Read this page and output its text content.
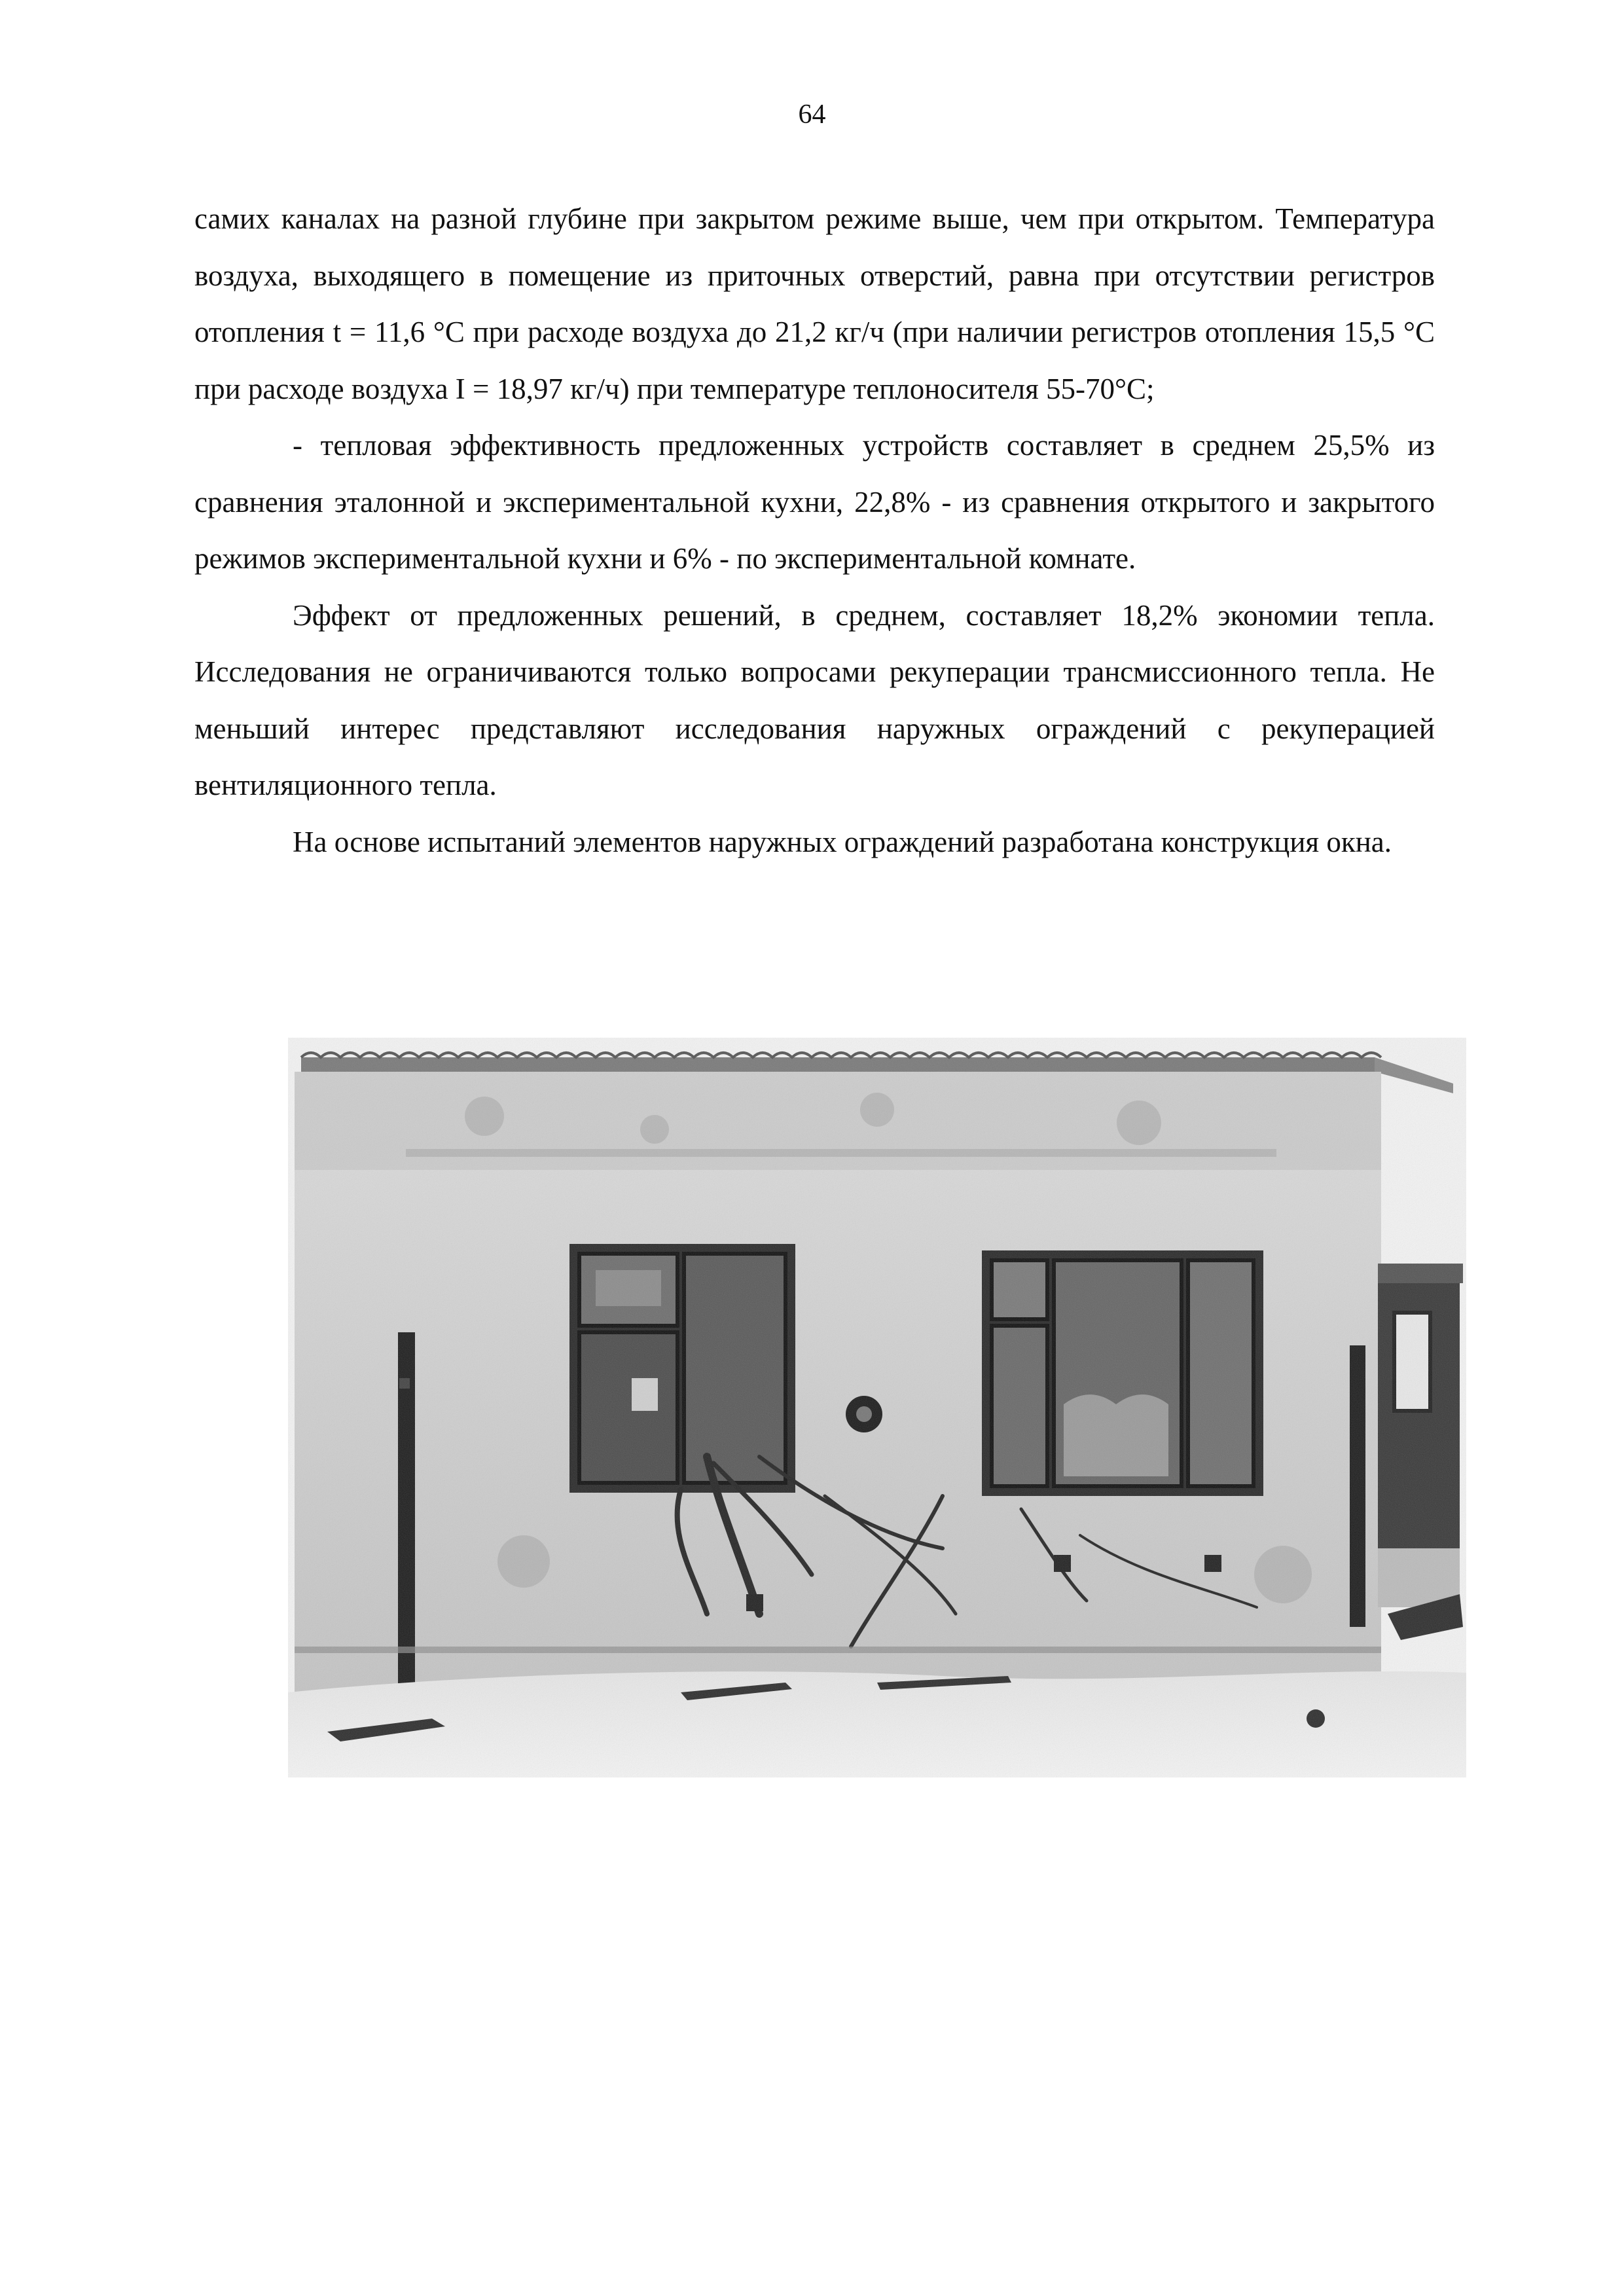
64

самих каналах на разной глубине при закрытом режиме выше, чем при открытом. Температура воздуха, выходящего в помещение из приточных отверстий, равна при отсутствии регистров отопления t = 11,6 °С при расходе воздуха до 21,2 кг/ч (при наличии регистров отопления 15,5 °С при расходе воздуха I = 18,97 кг/ч) при температуре теплоносителя 55-70°С;

- тепловая эффективность предложенных устройств составляет в среднем 25,5% из сравнения эталонной и экспериментальной кухни, 22,8% - из сравнения открытого и закрытого режимов экспериментальной кухни и 6% - по экспериментальной комнате.

Эффект от предложенных решений, в среднем, составляет 18,2% экономии тепла. Исследования не ограничиваются только вопросами рекуперации трансмиссионного тепла. Не меньший интерес представляют исследования наружных ограждений с рекуперацией вентиляционного тепла.

На основе испытаний элементов наружных ограждений разработана конструкция окна.
